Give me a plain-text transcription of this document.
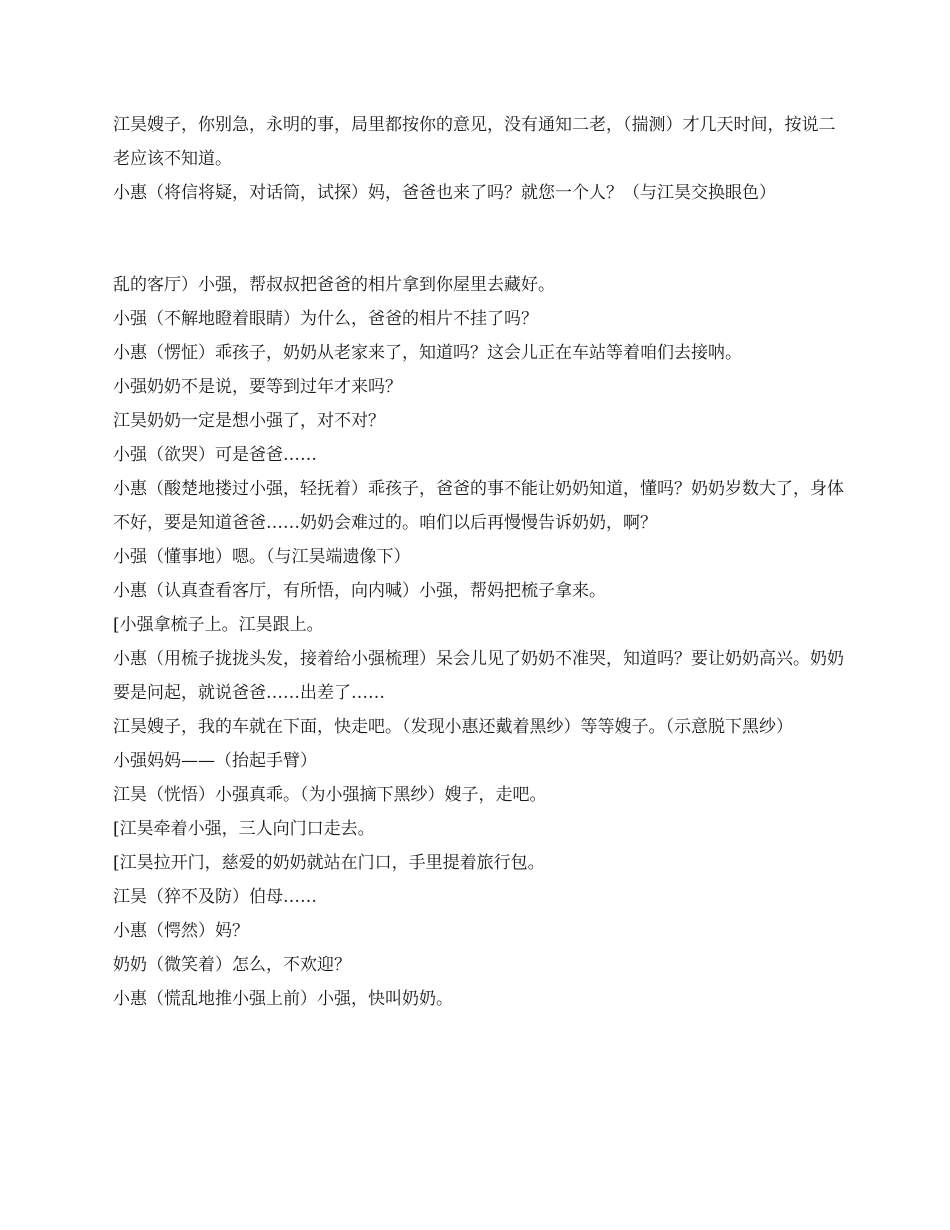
江昊嫂子，你别急，永明的事，局里都按你的意见，没有通知二老，（揣测）才几天时间，按说二老应该不知道。

小惠（将信将疑，对话筒，试探）妈，爸爸也来了吗？就您一个人？（与江昊交换眼色）

乱的客厅）小强，帮叔叔把爸爸的相片拿到你屋里去藏好。

小强（不解地瞪着眼睛）为什么，爸爸的相片不挂了吗？

小惠（愣怔）乖孩子，奶奶从老家来了，知道吗？这会儿正在车站等着咱们去接呐。

小强奶奶不是说，要等到过年才来吗？

江昊奶奶一定是想小强了，对不对？

小强（欲哭）可是爸爸……

小惠（酸楚地搂过小强，轻抚着）乖孩子，爸爸的事不能让奶奶知道，懂吗？奶奶岁数大了，身体不好，要是知道爸爸……奶奶会难过的。咱们以后再慢慢告诉奶奶，啊？

小强（懂事地）嗯。（与江昊端遗像下）

小惠（认真查看客厅，有所悟，向内喊）小强，帮妈把梳子拿来。

[小强拿梳子上。江昊跟上。

小惠（用梳子拢拢头发，接着给小强梳理）呆会儿见了奶奶不准哭，知道吗？要让奶奶高兴。奶奶要是问起，就说爸爸……出差了……

江昊嫂子，我的车就在下面，快走吧。（发现小惠还戴着黑纱）等等嫂子。（示意脱下黑纱）

小强妈妈——（抬起手臂）

江昊（恍悟）小强真乖。（为小强摘下黑纱）嫂子，走吧。

[江昊牵着小强，三人向门口走去。

[江昊拉开门，慈爱的奶奶就站在门口，手里提着旅行包。

江昊（猝不及防）伯母……

小惠（愕然）妈？

奶奶（微笑着）怎么，不欢迎？

小惠（慌乱地推小强上前）小强，快叫奶奶。
